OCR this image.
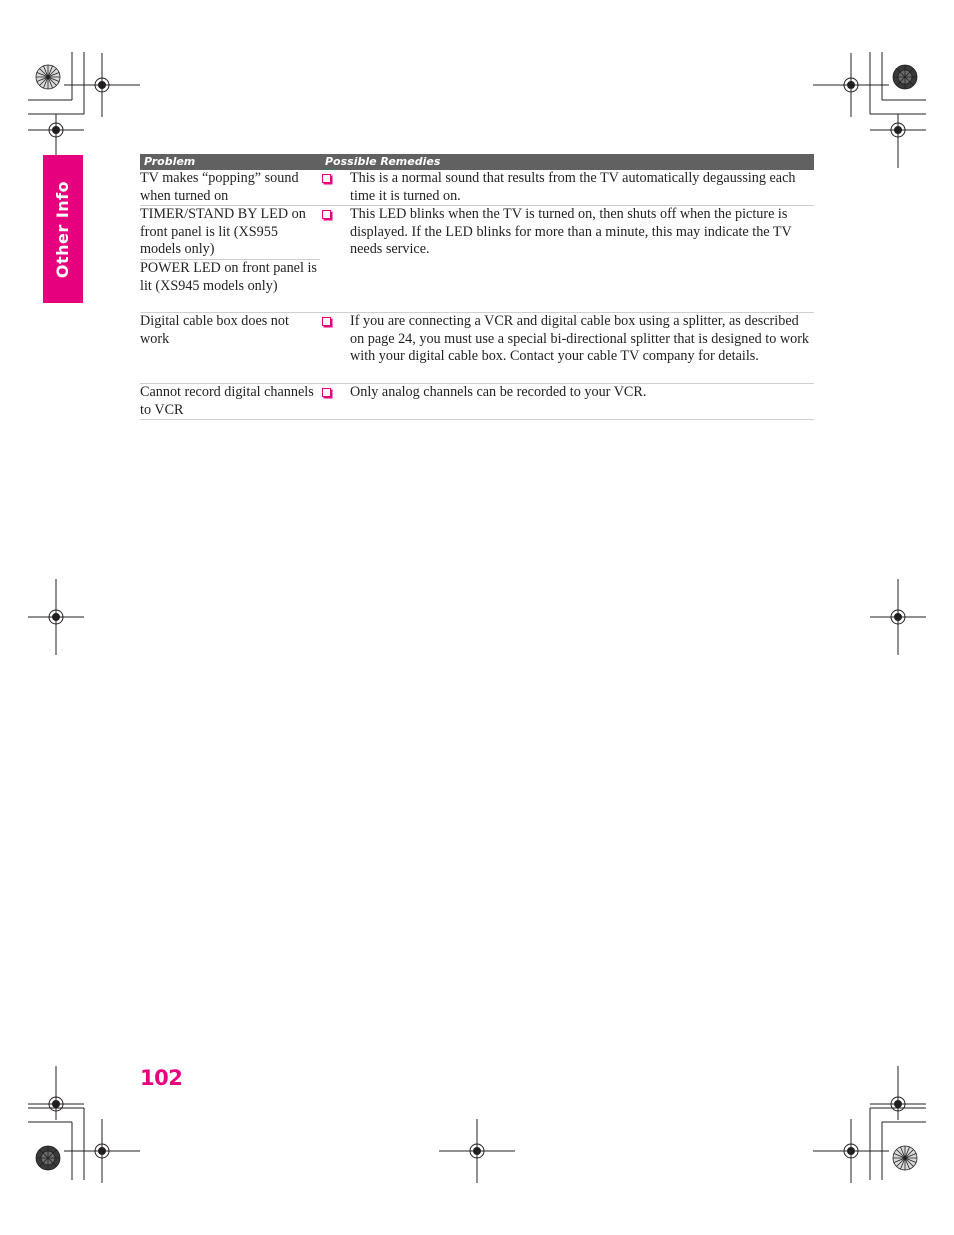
Other Info
Problem	Possible Remedies

TV makes “popping” sound when turned on

This is a normal sound that results from the TV automatically degaussing each time it is turned on.

TIMER/STAND BY LED on front panel is lit (XS955 models only)

POWER LED on front panel is lit (XS945 models only)

This LED blinks when the TV is turned on, then shuts off when the picture is displayed. If the LED blinks for more than a minute, this may indicate the TV needs service.

Digital cable box does not work

If you are connecting a VCR and digital cable box using a splitter, as described on page 24, you must use a special bi-directional splitter that is designed to work with your digital cable box. Contact your cable TV company for details.

Cannot record digital channels to VCR

Only analog channels can be recorded to your VCR.

102
